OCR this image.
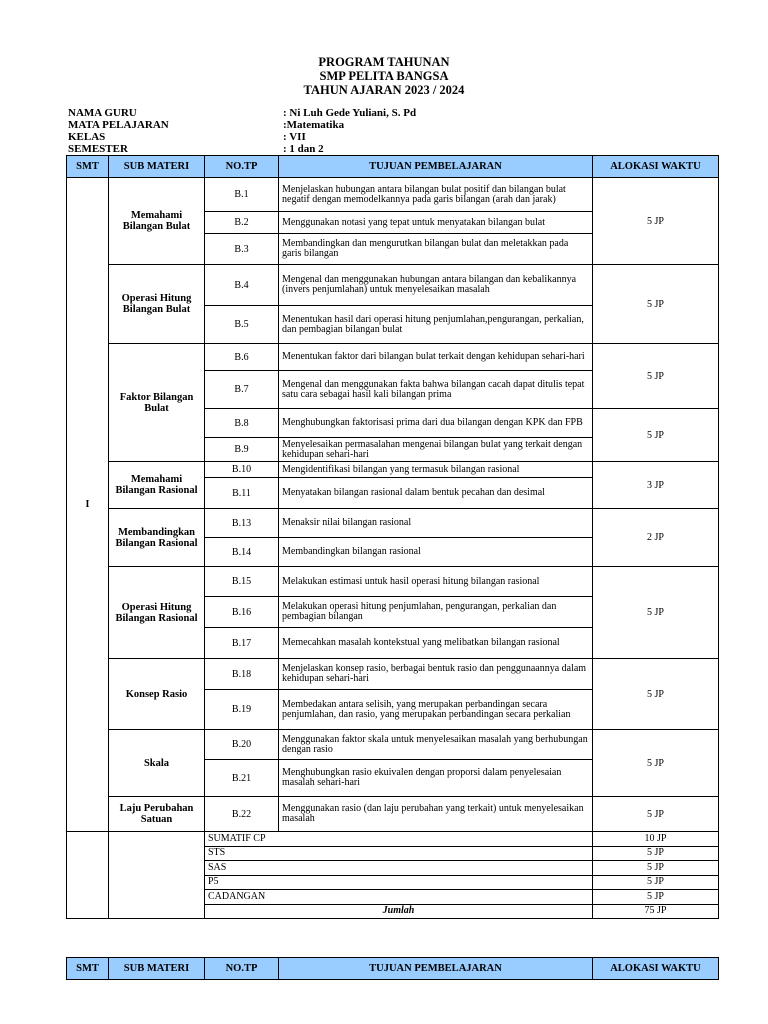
PROGRAM TAHUNAN
SMP PELITA BANGSA
TAHUN AJARAN 2023 / 2024
NAMA GURU	: Ni Luh Gede Yuliani, S. Pd
MATA PELAJARAN	:Matematika
KELAS	: VII
SEMESTER	: 1 dan 2
SMT	SUB MATERI	NO.TP	TUJUAN PEMBELAJARAN	ALOKASI WAKTU
I	Memahami Bilangan Bulat	B.1	Menjelaskan hubungan antara bilangan bulat positif dan bilangan bulat negatif dengan memodelkannya pada garis bilangan (arah dan jarak)	5 JP
		B.2	Menggunakan notasi yang tepat untuk menyatakan bilangan bulat	
		B.3	Membandingkan dan mengurutkan bilangan bulat dan meletakkan pada garis bilangan	
	Operasi Hitung Bilangan Bulat	B.4	Mengenal dan menggunakan hubungan antara bilangan dan kebalikannya (invers penjumlahan) untuk menyelesaikan masalah	5 JP
		B.5	Menentukan hasil dari operasi hitung penjumlahan,pengurangan, perkalian, dan pembagian bilangan bulat	
	Faktor Bilangan Bulat	B.6	Menentukan faktor dari bilangan bulat terkait dengan kehidupan sehari-hari	5 JP
		B.7	Mengenal dan menggunakan fakta bahwa bilangan cacah dapat ditulis tepat satu cara sebagai hasil kali bilangan prima	
		B.8	Menghubungkan faktorisasi prima dari dua bilangan dengan KPK dan FPB	5 JP
		B.9	Menyelesaikan permasalahan mengenai bilangan bulat yang terkait dengan kehidupan sehari-hari	
	Memahami Bilangan Rasional	B.10	Mengidentifikasi bilangan yang termasuk bilangan rasional	3 JP
		B.11	Menyatakan bilangan rasional dalam bentuk pecahan dan desimal	
	Membandingkan Bilangan Rasional	B.13	Menaksir nilai bilangan rasional	2 JP
		B.14	Membandingkan bilangan rasional	
	Operasi Hitung Bilangan Rasional	B.15	Melakukan estimasi untuk hasil operasi hitung bilangan rasional	5 JP
		B.16	Melakukan operasi hitung penjumlahan, pengurangan, perkalian dan pembagian bilangan	
		B.17	Memecahkan masalah kontekstual yang melibatkan bilangan rasional	
	Konsep Rasio	B.18	Menjelaskan konsep rasio, berbagai bentuk rasio dan penggunaannya dalam kehidupan sehari-hari	5 JP
		B.19	Membedakan antara selisih, yang merupakan perbandingan secara penjumlahan, dan rasio, yang merupakan perbandingan secara perkalian	
	Skala	B.20	Menggunakan faktor skala untuk menyelesaikan masalah yang berhubungan dengan rasio	5 JP
		B.21	Menghubungkan rasio ekuivalen dengan proporsi dalam penyelesaian masalah sehari-hari	
	Laju Perubahan Satuan	B.22	Menggunakan rasio (dan laju perubahan yang terkait) untuk menyelesaikan masalah	5 JP
		SUMATIF CP		10 JP
		STS		5 JP
		SAS		5 JP
		P5		5 JP
		CADANGAN		5 JP
		Jumlah		75 JP
SMT	SUB MATERI	NO.TP	TUJUAN PEMBELAJARAN	ALOKASI WAKTU
